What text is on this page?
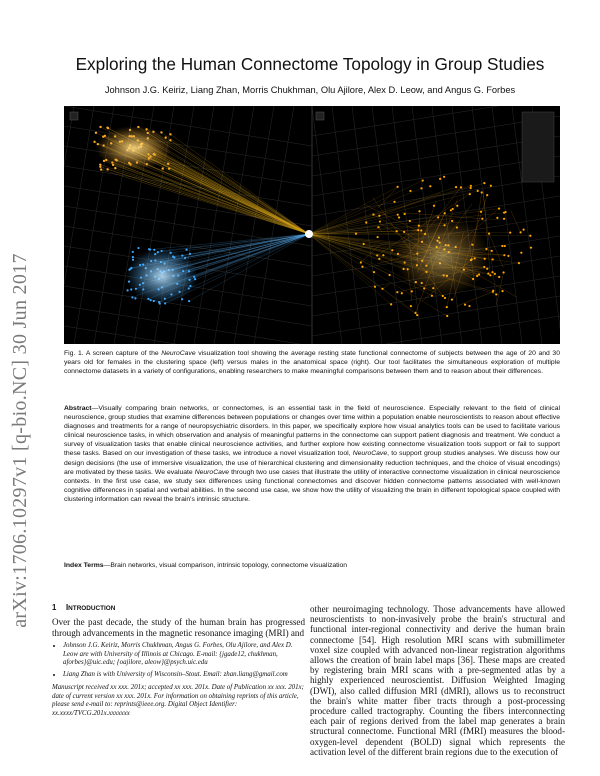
arXiv:1706.10297v1 [q-bio.NC] 30 Jun 2017
Exploring the Human Connectome Topology in Group Studies
Johnson J.G. Keiriz, Liang Zhan, Morris Chukhman, Olu Ajilore, Alex D. Leow, and Angus G. Forbes
Fig. 1. A screen capture of the NeuroCave visualization tool showing the average resting state functional connectome of subjects between the age of 20 and 30 years old for females in the clustering space (left) versus males in the anatomical space (right). Our tool facilitates the simultaneous exploration of multiple connectome datasets in a variety of configurations, enabling researchers to make meaningful comparisons between them and to reason about their differences.
Abstract—Visually comparing brain networks, or connectomes, is an essential task in the field of neuroscience. Especially relevant to the field of clinical neuroscience, group studies that examine differences between populations or changes over time within a population enable neuroscientists to reason about effective diagnoses and treatments for a range of neuropsychiatric disorders. In this paper, we specifically explore how visual analytics tools can be used to facilitate various clinical neuroscience tasks, in which observation and analysis of meaningful patterns in the connectome can support patient diagnosis and treatment. We conduct a survey of visualization tasks that enable clinical neuroscience activities, and further explore how existing connectome visualization tools support or fail to support these tasks. Based on our investigation of these tasks, we introduce a novel visualization tool, NeuroCave, to support group studies analyses. We discuss how our design decisions (the use of immersive visualization, the use of hierarchical clustering and dimensionality reduction techniques, and the choice of visual encodings) are motivated by these tasks. We evaluate NeuroCave through two use cases that illustrate the utility of interactive connectome visualization in clinical neuroscience contexts. In the first use case, we study sex differences using functional connectomes and discover hidden connectome patterns associated with well-known cognitive differences in spatial and verbal abilities. In the second use case, we show how the utility of visualizing the brain in different topological space coupled with clustering information can reveal the brain's intrinsic structure.
Index Terms—Brain networks, visual comparison, intrinsic topology, connectome visualization
1 INTRODUCTION
Over the past decade, the study of the human brain has progressed through advancements in the magnetic resonance imaging (MRI) and
• Johnson J.G. Keiriz, Morris Chukhman, Angus G. Forbes, Olu Ajilore, and Alex D. Leow are with University of Illinois at Chicago. E-mail: {jgade12, chukhman, aforbes}@uic.edu; {oajilore, aleow}@psych.uic.edu
• Liang Zhan is with University of Wisconsin–Stout. Email: zhan.liang@gmail.com
Manuscript received xx xxx. 201x; accepted xx xxx. 201x. Date of Publication xx xxx. 201x; date of current version xx xxx. 201x. For information on obtaining reprints of this article, please send e-mail to: reprints@ieee.org. Digital Object Identifier: xx.xxxx/TVCG.201x.xxxxxxx
other neuroimaging technology. Those advancements have allowed neuroscientists to non-invasively probe the brain's structural and functional inter-regional connectivity and derive the human brain connectome [54]. High resolution MRI scans with submillimeter voxel size coupled with advanced non-linear registration algorithms allows the creation of brain label maps [36]. These maps are created by registering brain MRI scans with a pre-segmented atlas by a highly experienced neuroscientist. Diffusion Weighted Imaging (DWI), also called diffusion MRI (dMRI), allows us to reconstruct the brain's white matter fiber tracts through a post-processing procedure called tractography. Counting the fibers interconnecting each pair of regions derived from the label map generates a brain structural connectome. Functional MRI (fMRI) measures the blood-oxygen-level dependent (BOLD) signal which represents the activation level of the different brain regions due to the execution of
